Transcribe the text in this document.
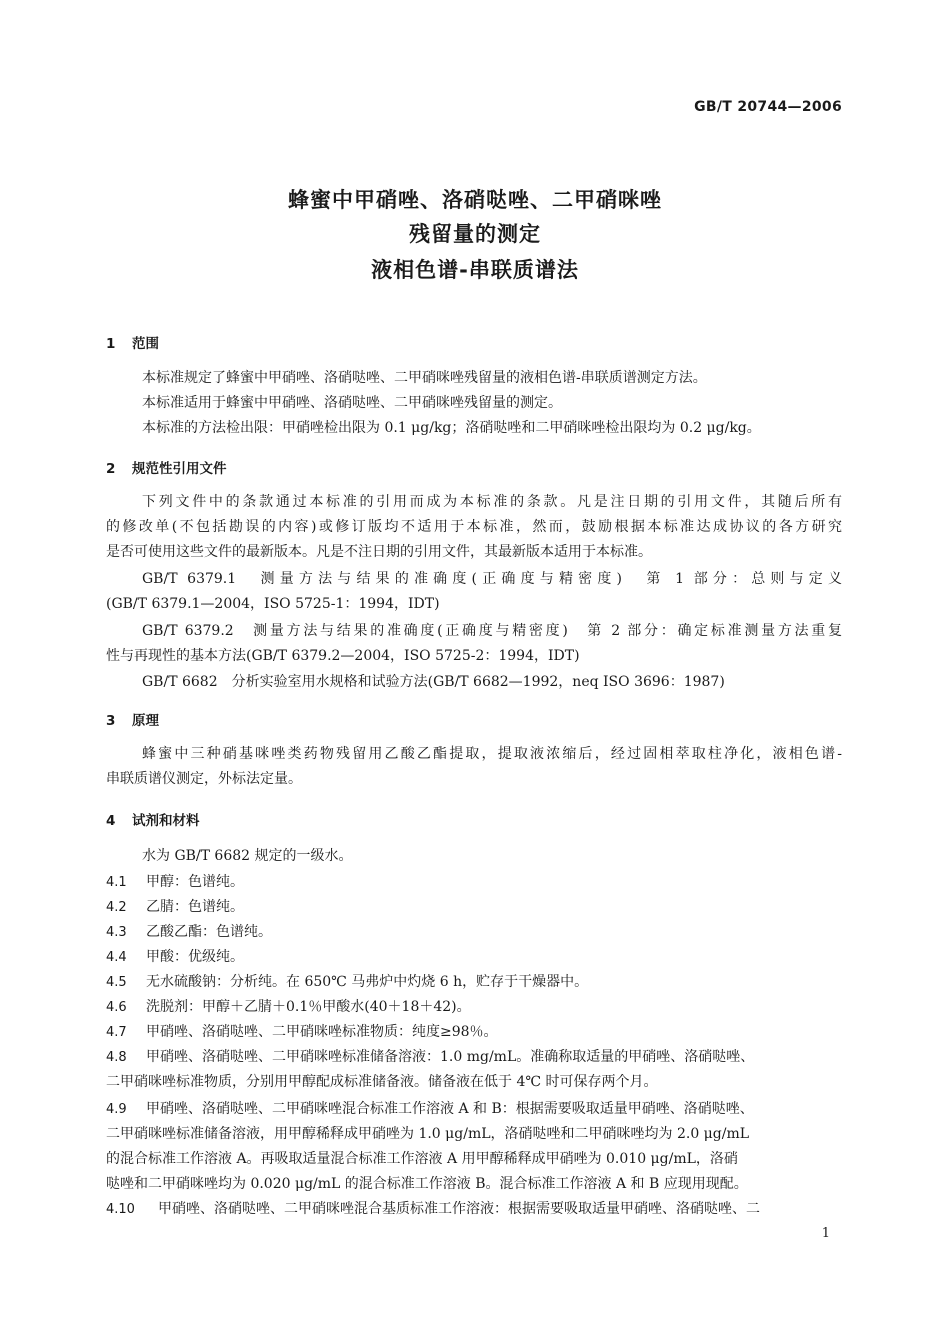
GB/T 20744—2006
蜂蜜中甲硝唑、洛硝哒唑、二甲硝咪唑
残留量的测定
液相色谱-串联质谱法
1 范围
本标准规定了蜂蜜中甲硝唑、洛硝哒唑、二甲硝咪唑残留量的液相色谱-串联质谱测定方法。
本标准适用于蜂蜜中甲硝唑、洛硝哒唑、二甲硝咪唑残留量的测定。
本标准的方法检出限：甲硝唑检出限为 0.1 μg/kg；洛硝哒唑和二甲硝咪唑检出限均为 0.2 μg/kg。
2 规范性引用文件
下列文件中的条款通过本标准的引用而成为本标准的条款。凡是注日期的引用文件，其随后所有
的修改单(不包括勘误的内容)或修订版均不适用于本标准，然而，鼓励根据本标准达成协议的各方研究
是否可使用这些文件的最新版本。凡是不注日期的引用文件，其最新版本适用于本标准。
GB/T 6379.1　测量方法与结果的准确度(正确度与精密度)　第 1 部分：总则与定义
(GB/T 6379.1—2004，ISO 5725-1：1994，IDT)
GB/T 6379.2　测量方法与结果的准确度(正确度与精密度)　第 2 部分：确定标准测量方法重复
性与再现性的基本方法(GB/T 6379.2—2004，ISO 5725-2：1994，IDT)
GB/T 6682　分析实验室用水规格和试验方法(GB/T 6682—1992，neq ISO 3696：1987)
3 原理
蜂蜜中三种硝基咪唑类药物残留用乙酸乙酯提取，提取液浓缩后，经过固相萃取柱净化，液相色谱-
串联质谱仪测定，外标法定量。
4 试剂和材料
水为 GB/T 6682 规定的一级水。
4.1 甲醇：色谱纯。
4.2 乙腈：色谱纯。
4.3 乙酸乙酯：色谱纯。
4.4 甲酸：优级纯。
4.5 无水硫酸钠：分析纯。在 650℃ 马弗炉中灼烧 6 h，贮存于干燥器中。
4.6 洗脱剂：甲醇＋乙腈＋0.1％甲酸水(40＋18＋42)。
4.7 甲硝唑、洛硝哒唑、二甲硝咪唑标准物质：纯度≥98％。
4.8 甲硝唑、洛硝哒唑、二甲硝咪唑标准储备溶液：1.0 mg/mL。准确称取适量的甲硝唑、洛硝哒唑、
二甲硝咪唑标准物质，分别用甲醇配成标准储备液。储备液在低于 4℃ 时可保存两个月。
4.9 甲硝唑、洛硝哒唑、二甲硝咪唑混合标准工作溶液 A 和 B：根据需要吸取适量甲硝唑、洛硝哒唑、
二甲硝咪唑标准储备溶液，用甲醇稀释成甲硝唑为 1.0 μg/mL，洛硝哒唑和二甲硝咪唑均为 2.0 μg/mL
的混合标准工作溶液 A。再吸取适量混合标准工作溶液 A 用甲醇稀释成甲硝唑为 0.010 μg/mL，洛硝
哒唑和二甲硝咪唑均为 0.020 μg/mL 的混合标准工作溶液 B。混合标准工作溶液 A 和 B 应现用现配。
4.10 甲硝唑、洛硝哒唑、二甲硝咪唑混合基质标准工作溶液：根据需要吸取适量甲硝唑、洛硝哒唑、二
1
